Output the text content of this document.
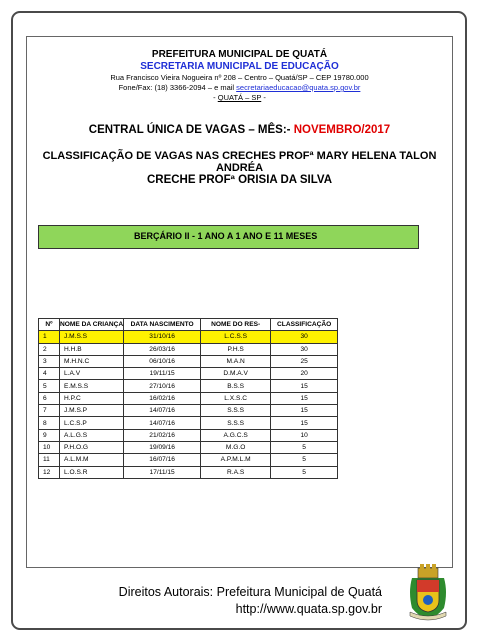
PREFEITURA MUNICIPAL DE QUATÁ
SECRETARIA MUNICIPAL DE EDUCAÇÃO
Rua Francisco Vieira Nogueira nº 208 – Centro – Quatá/SP – CEP 19780.000
Fone/Fax: (18) 3366-2094 – e mail secretariaeducacao@quata.sp.gov.br
- QUATÁ – SP -
CENTRAL ÚNICA DE VAGAS – MÊS:- NOVEMBRO/2017
CLASSIFICAÇÃO DE VAGAS NAS CRECHES PROFª MARY HELENA TALON ANDRÉA
CRECHE PROFª ORISIA DA SILVA
BERÇÁRIO II - 1 ANO A 1 ANO E 11 MESES
Nº	NOME DA CRIANÇA	DATA NASCIMENTO	NOME DO RES-	CLASSIFICAÇÃO
1	J.M.S.S	31/10/16	L.C.S.S	30
2	H.H.B	26/03/16	P.H.S	30
3	M.H.N.C	06/10/16	M.A.N	25
4	L.A.V	19/11/15	D.M.A.V	20
5	E.M.S.S	27/10/16	B.S.S	15
6	H.P.C	16/02/16	L.X.S.C	15
7	J.M.S.P	14/07/16	S.S.S	15
8	L.C.S.P	14/07/16	S.S.S	15
9	A.L.G.S	21/02/16	A.G.C.S	10
10	P.H.O.G	19/09/16	M.G.O	5
11	A.L.M.M	16/07/16	A.P.M.L.M	5
12	L.O.S.R	17/11/15	R.A.S	5
Direitos Autorais: Prefeitura Municipal de Quatá
http://www.quata.sp.gov.br
